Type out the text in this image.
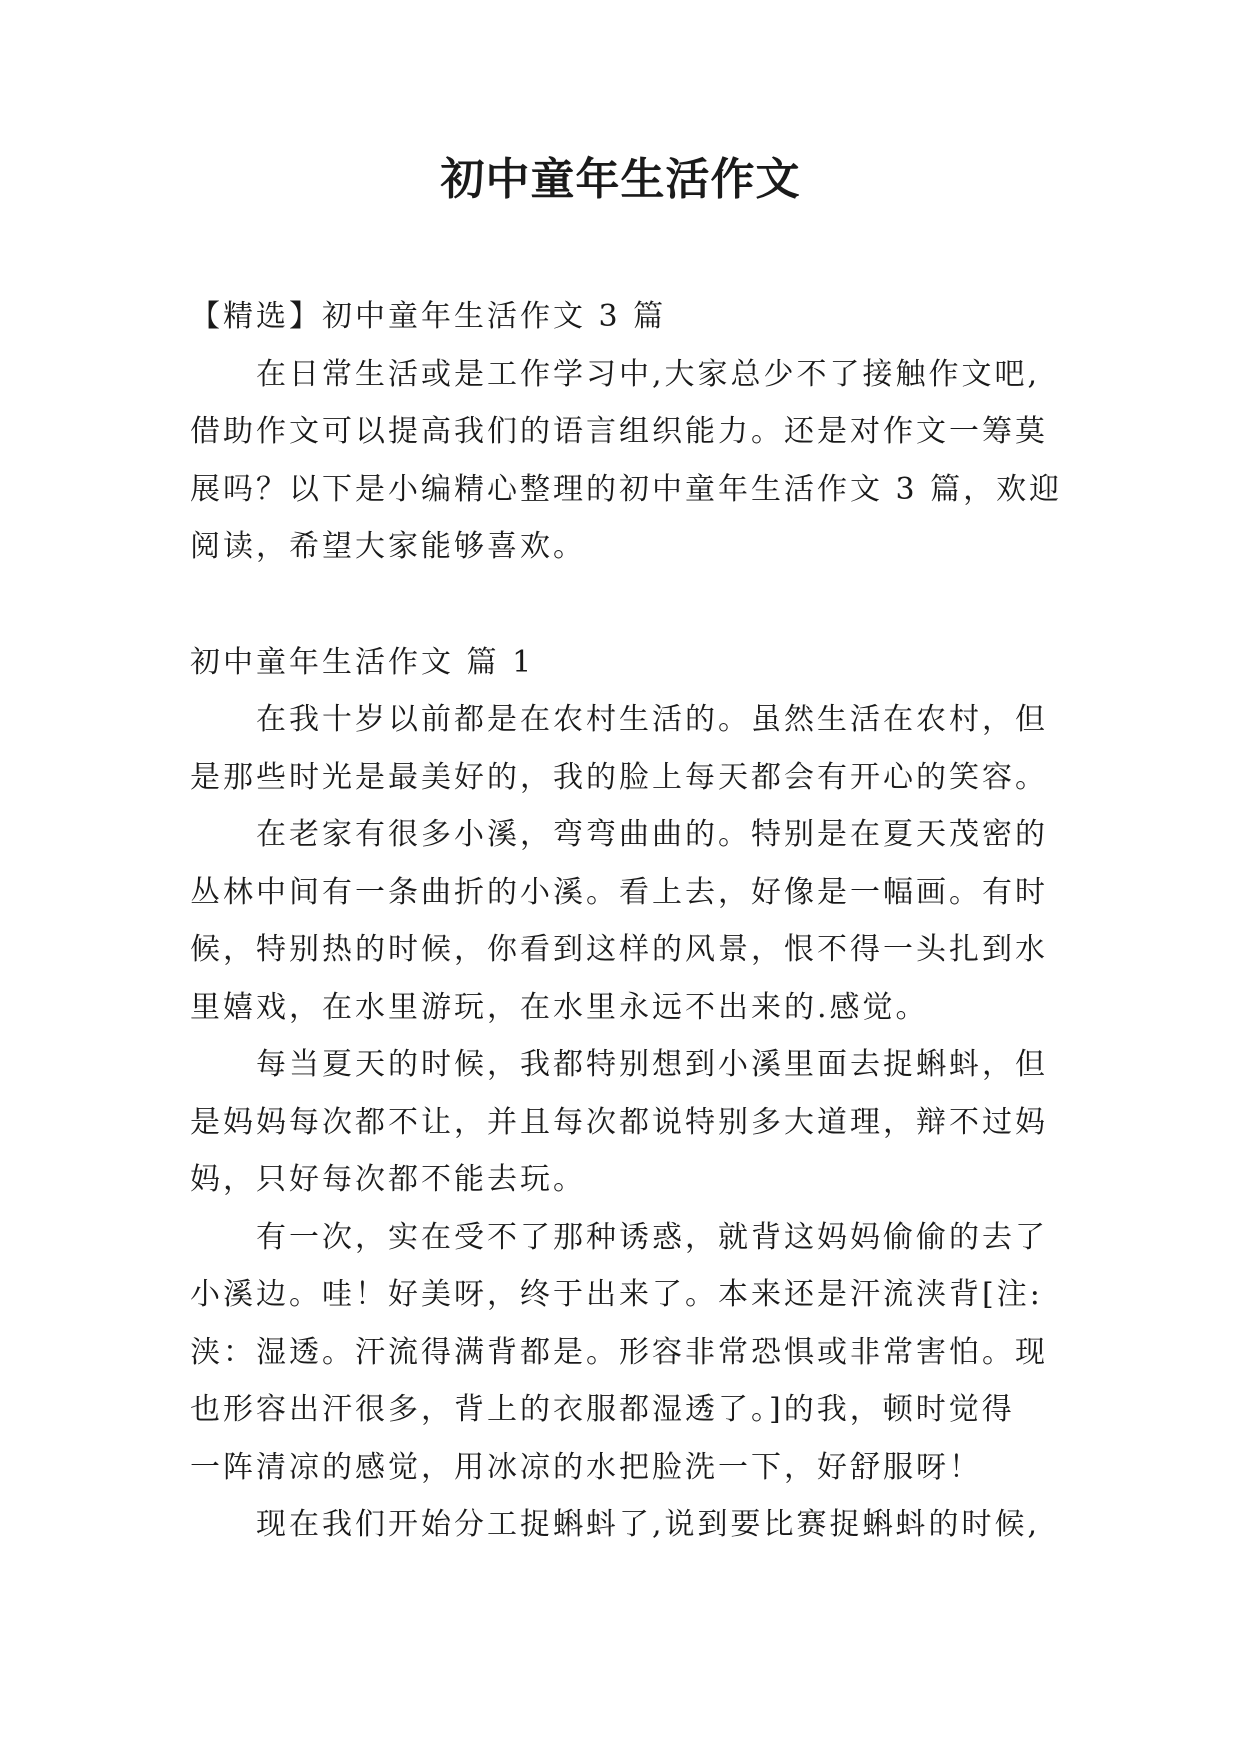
初中童年生活作文

【精选】初中童年生活作文 3 篇

在日常生活或是工作学习中,大家总少不了接触作文吧,

借助作文可以提高我们的语言组织能力。还是对作文一筹莫

展吗？以下是小编精心整理的初中童年生活作文 3 篇，欢迎

阅读，希望大家能够喜欢。

初中童年生活作文 篇 1

在我十岁以前都是在农村生活的。虽然生活在农村，但

是那些时光是最美好的，我的脸上每天都会有开心的笑容。

在老家有很多小溪，弯弯曲曲的。特别是在夏天茂密的

丛林中间有一条曲折的小溪。看上去，好像是一幅画。有时

候，特别热的时候，你看到这样的风景，恨不得一头扎到水

里嬉戏，在水里游玩，在水里永远不出来的.感觉。

每当夏天的时候，我都特别想到小溪里面去捉蝌蚪，但

是妈妈每次都不让，并且每次都说特别多大道理，辩不过妈

妈，只好每次都不能去玩。

有一次，实在受不了那种诱惑，就背这妈妈偷偷的去了

小溪边。哇！好美呀，终于出来了。本来还是汗流浃背[注:

浃：湿透。汗流得满背都是。形容非常恐惧或非常害怕。现

也形容出汗很多，背上的衣服都湿透了。]的我，顿时觉得

一阵清凉的感觉，用冰凉的水把脸洗一下，好舒服呀！

现在我们开始分工捉蝌蚪了,说到要比赛捉蝌蚪的时候,
